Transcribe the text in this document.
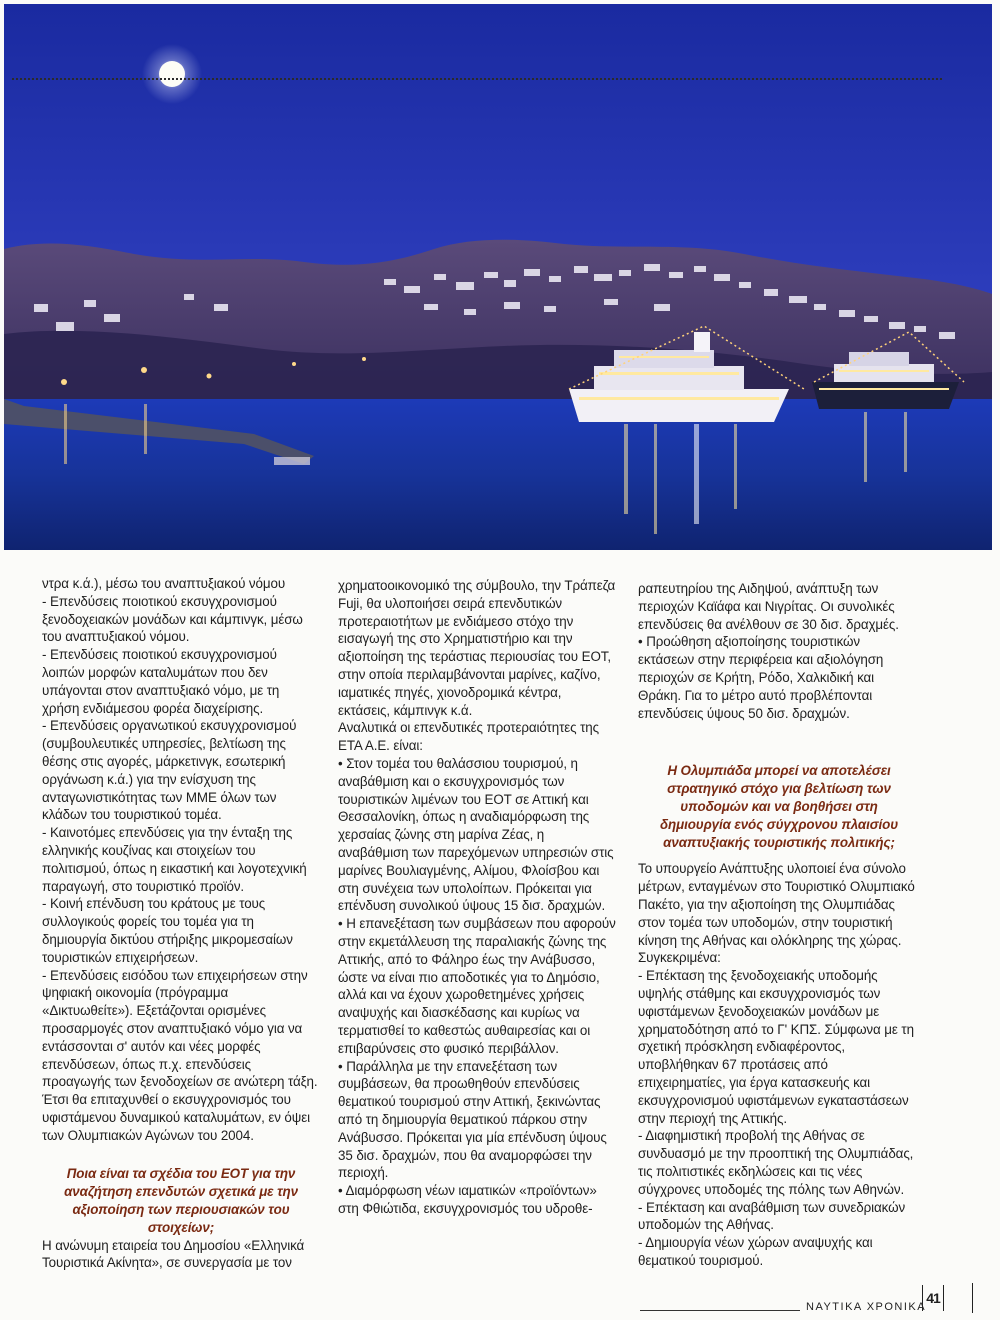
ντρα κ.ά.), μέσω του αναπτυξιακού νόμου

- Επενδύσεις ποιοτικού εκσυγχρονισμού ξενοδοχειακών μονάδων και κάμπινγκ, μέσω του αναπτυξιακού νόμου.

- Επενδύσεις ποιοτικού εκσυγχρονισμού λοιπών μορφών καταλυμάτων που δεν υπάγονται στον αναπτυξιακό νόμο, με τη χρήση ενδιάμεσου φορέα διαχείρισης.

- Επενδύσεις οργανωτικού εκσυγχρονισμού (συμβουλευτικές υπηρεσίες, βελτίωση της θέσης στις αγορές, μάρκετινγκ, εσωτερική οργάνωση κ.ά.) για την ενίσχυση της ανταγωνιστικότητας των ΜΜΕ όλων των κλάδων του τουριστικού τομέα.

- Καινοτόμες επενδύσεις για την ένταξη της ελληνικής κουζίνας και στοιχείων του πολιτισμού, όπως η εικαστική και λογοτεχνική παραγωγή, στο τουριστικό προϊόν.

- Κοινή επένδυση του κράτους με τους συλλογικούς φορείς του τομέα για τη δημιουργία δικτύου στήριξης μικρομεσαίων τουριστικών επιχειρήσεων.

- Επενδύσεις εισόδου των επιχειρήσεων στην ψηφιακή οικονομία (πρόγραμμα «Δικτυωθείτε»). Εξετάζονται ορισμένες προσαρμογές στον αναπτυξιακό νόμο για να εντάσσονται σ' αυτόν και νέες μορφές επενδύσεων, όπως π.χ. επενδύσεις προαγωγής των ξενοδοχείων σε ανώτερη τάξη. Έτσι θα επιταχυνθεί ο εκσυγχρονισμός του υφιστάμενου δυναμικού καταλυμάτων, εν όψει των Ολυμπιακών Αγώνων του 2004.

Ποια είναι τα σχέδια του ΕΟΤ για την αναζήτηση επενδυτών σχετικά με την αξιοποίηση των περιουσιακών του στοιχείων;

Η ανώνυμη εταιρεία του Δημοσίου «Ελληνικά Τουριστικά Ακίνητα», σε συνεργασία με τον

χρηματοοικονομικό της σύμβουλο, την Τράπεζα Fuji, θα υλοποιήσει σειρά επενδυτικών προτεραιοτήτων με ενδιάμεσο στόχο την εισαγωγή της στο Χρηματιστήριο και την αξιοποίηση της τεράστιας περιουσίας του ΕΟΤ, στην οποία περιλαμβάνονται μαρίνες, καζίνο, ιαματικές πηγές, χιονοδρομικά κέντρα, εκτάσεις, κάμπινγκ κ.ά.

Αναλυτικά οι επενδυτικές προτεραιότητες της ΕΤΑ Α.Ε. είναι:

• Στον τομέα του θαλάσσιου τουρισμού, η αναβάθμιση και ο εκσυγχρονισμός των τουριστικών λιμένων του ΕΟΤ σε Αττική και Θεσσαλονίκη, όπως η αναδιαμόρφωση της χερσαίας ζώνης στη μαρίνα Ζέας, η αναβάθμιση των παρεχόμενων υπηρεσιών στις μαρίνες Βουλιαγμένης, Αλίμου, Φλοίσβου και στη συνέχεια των υπολοίπων. Πρόκειται για επένδυση συνολικού ύψους 15 δισ. δραχμών.

• Η επανεξέταση των συμβάσεων που αφορούν στην εκμετάλλευση της παραλιακής ζώνης της Αττικής, από το Φάληρο έως την Ανάβυσσο, ώστε να είναι πιο αποδοτικές για το Δημόσιο, αλλά και να έχουν χωροθετημένες χρήσεις αναψυχής και διασκέδασης και κυρίως να τερματισθεί το καθεστώς αυθαιρεσίας και οι επιβαρύνσεις στο φυσικό περιβάλλον.

• Παράλληλα με την επανεξέταση των συμβάσεων, θα προωθηθούν επενδύσεις θεματικού τουρισμού στην Αττική, ξεκινώντας από τη δημιουργία θεματικού πάρκου στην Ανάβυσσο. Πρόκειται για μία επένδυση ύψους 35 δισ. δραχμών, που θα αναμορφώσει την περιοχή.

• Διαμόρφωση νέων ιαματικών «προϊόντων» στη Φθιώτιδα, εκσυγχρονισμός του υδροθε-

ραπευτηρίου της Αιδηψού, ανάπτυξη των περιοχών Καϊάφα και Νιγρίτας. Οι συνολικές επενδύσεις θα ανέλθουν σε 30 δισ. δραχμές.

• Προώθηση αξιοποίησης τουριστικών εκτάσεων στην περιφέρεια και αξιολόγηση περιοχών σε Κρήτη, Ρόδο, Χαλκιδική και Θράκη. Για το μέτρο αυτό προβλέπονται επενδύσεις ύψους 50 δισ. δραχμών.

Η Ολυμπιάδα μπορεί να αποτελέσει στρατηγικό στόχο για βελτίωση των υποδομών και να βοηθήσει στη δημιουργία ενός σύγχρονου πλαισίου αναπτυξιακής τουριστικής πολιτικής;

Το υπουργείο Ανάπτυξης υλοποιεί ένα σύνολο μέτρων, ενταγμένων στο Τουριστικό Ολυμπιακό Πακέτο, για την αξιοποίηση της Ολυμπιάδας στον τομέα των υποδομών, στην τουριστική κίνηση της Αθήνας και ολόκληρης της χώρας. Συγκεκριμένα:

- Επέκταση της ξενοδοχειακής υποδομής υψηλής στάθμης και εκσυγχρονισμός των υφιστάμενων ξενοδοχειακών μονάδων με χρηματοδότηση από το Γ' ΚΠΣ. Σύμφωνα με τη σχετική πρόσκληση ενδιαφέροντος, υποβλήθηκαν 67 προτάσεις από επιχειρηματίες, για έργα κατασκευής και εκσυγχρονισμού υφιστάμενων εγκαταστάσεων στην περιοχή της Αττικής.

- Διαφημιστική προβολή της Αθήνας σε συνδυασμό με την προοπτική της Ολυμπιάδας, τις πολιτιστικές εκδηλώσεις και τις νέες σύγχρονες υποδομές της πόλης των Αθηνών.

- Επέκταση και αναβάθμιση των συνεδριακών υποδομών της Αθήνας.

- Δημιουργία νέων χώρων αναψυχής και θεματικού τουρισμού.

ΝΑΥΤΙΚΑ ΧΡΟΝΙΚΑ
41
